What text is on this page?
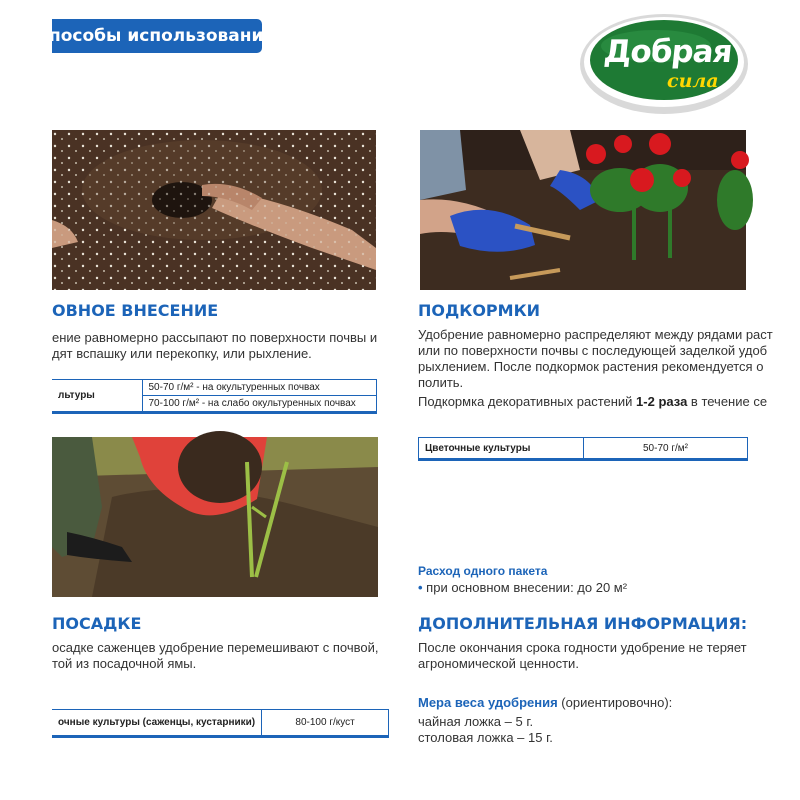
пособы использования	Добрая
сила
ОВНОЕ ВНЕСЕНИЕ
ение равномерно рассыпают по поверхности почвы и
дят вспашку или перекопку, или рыхление.
льтуры	50-70 г/м² - на окультуренных почвах
70-100 г/м² - на слабо окультуренных почвах
ПОДКОРМКИ
Удобрение равномерно распределяют между рядами раст
или по поверхности почвы с последующей заделкой удоб
рыхлением. После подкормок растения рекомендуется о
полить.
Подкормка декоративных растений 1-2 раза в течение се
Цветочные культуры	50-70 г/м²
ПОСАДКЕ
осадке саженцев удобрение перемешивают с почвой,
той из посадочной ямы.
очные культуры (саженцы, кустарники)	80-100 г/куст
Расход одного пакета
• при основном внесении: до 20 м²
ДОПОЛНИТЕЛЬНАЯ ИНФОРМАЦИЯ:
После окончания срока годности удобрение не теряет
агрономической ценности.
Мера веса удобрения (ориентировочно):
чайная ложка – 5 г.
столовая ложка – 15 г.
